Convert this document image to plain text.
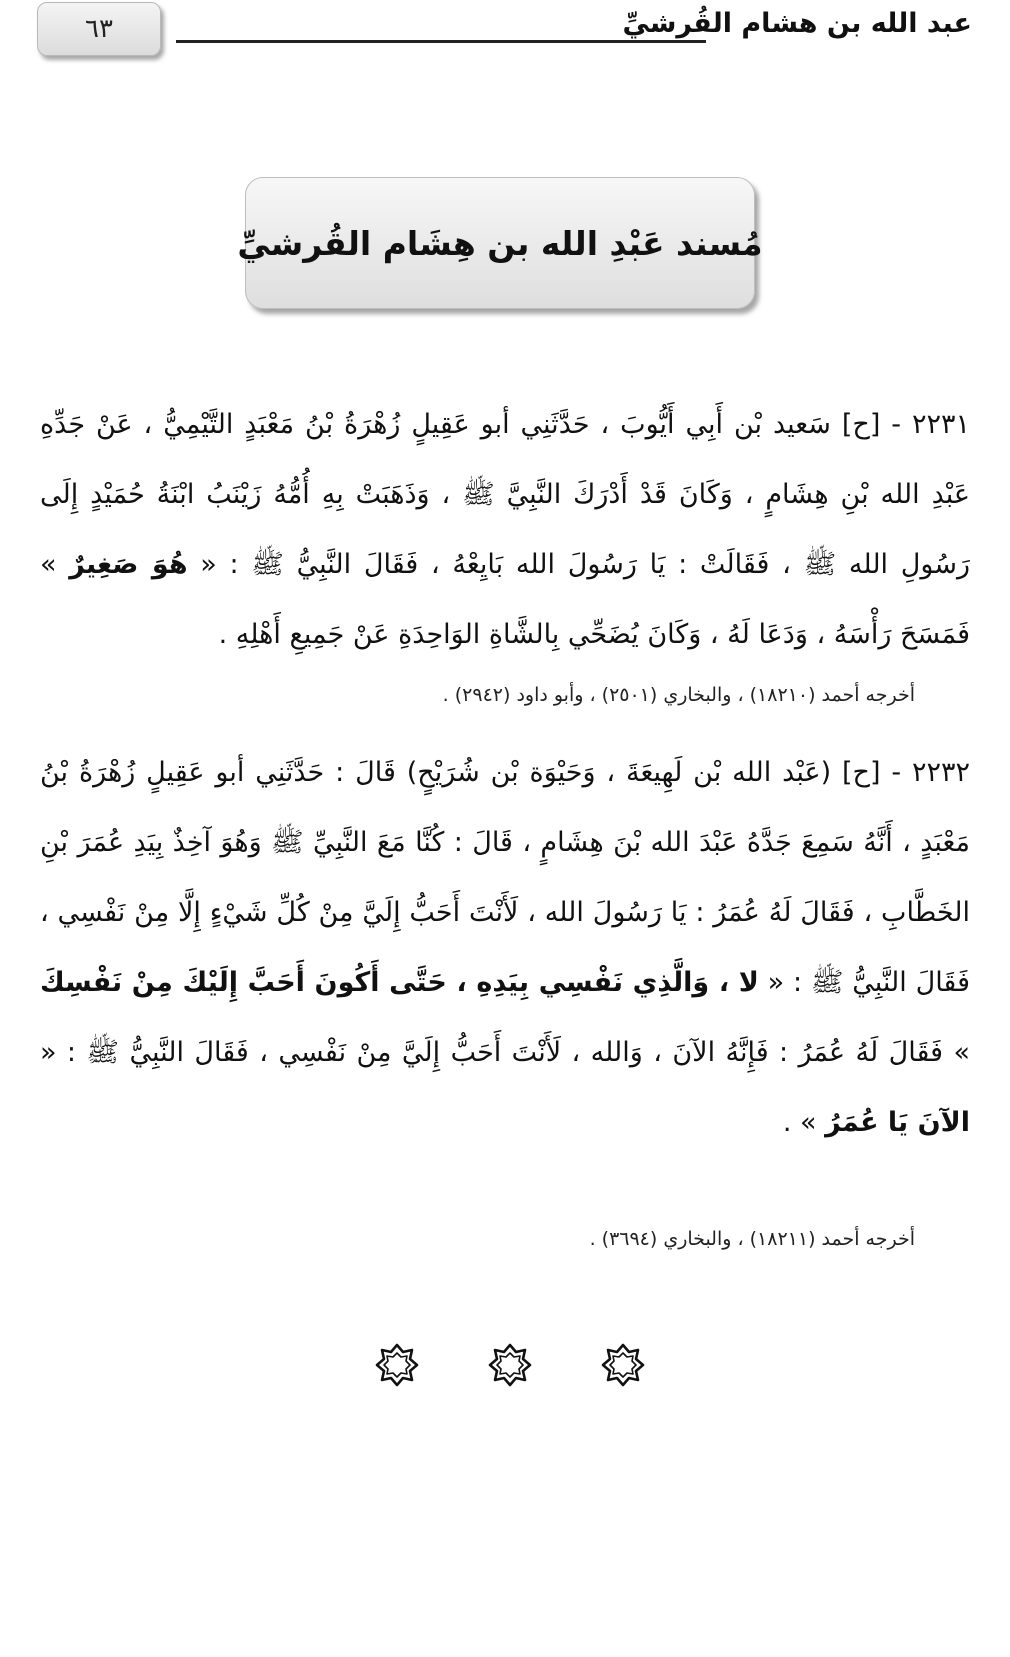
٦٣	عبد الله بن هشام القُرشيِّ
مُسند عَبْدِ الله بن هِشَام القُرشيِّ

٢٢٣١ - [ح] سَعيد بْن أَبِي أَيُّوبَ ، حَدَّثَنِي أبو عَقِيلٍ زُهْرَةُ بْنُ مَعْبَدٍ التَّيْمِيُّ ، عَنْ جَدِّهِ عَبْدِ الله بْنِ هِشَامٍ ، وَكَانَ قَدْ أَدْرَكَ النَّبِيَّ ﷺ ، وَذَهَبَتْ بِهِ أُمُّهُ زَيْنَبُ ابْنَةُ حُمَيْدٍ إِلَى رَسُولِ الله ﷺ ، فَقَالَتْ : يَا رَسُولَ الله بَايِعْهُ ، فَقَالَ النَّبِيُّ ﷺ : « هُوَ صَغِيرٌ » فَمَسَحَ رَأْسَهُ ، وَدَعَا لَهُ ، وَكَانَ يُضَحِّي بِالشَّاةِ الوَاحِدَةِ عَنْ جَمِيعِ أَهْلِهِ .

أخرجه أحمد (١٨٢١٠) ، والبخاري (٢٥٠١) ، وأبو داود (٢٩٤٢) .

٢٢٣٢ - [ح] (عَبْد الله بْن لَهِيعَةَ ، وَحَيْوَة بْن شُرَيْحٍ) قَالَ : حَدَّثَنِي أبو عَقِيلٍ زُهْرَةُ بْنُ مَعْبَدٍ ، أَنَّهُ سَمِعَ جَدَّهُ عَبْدَ الله بْنَ هِشَامٍ ، قَالَ : كُنَّا مَعَ النَّبِيِّ ﷺ وَهُوَ آخِذٌ بِيَدِ عُمَرَ بْنِ الخَطَّابِ ، فَقَالَ لَهُ عُمَرُ : يَا رَسُولَ الله ، لَأَنْتَ أَحَبُّ إِلَيَّ مِنْ كُلِّ شَيْءٍ إِلَّا مِنْ نَفْسِي ، فَقَالَ النَّبِيُّ ﷺ : « لا ، وَالَّذِي نَفْسِي بِيَدِهِ ، حَتَّى أَكُونَ أَحَبَّ إِلَيْكَ مِنْ نَفْسِكَ » فَقَالَ لَهُ عُمَرُ : فَإِنَّهُ الآنَ ، وَالله ، لَأَنْتَ أَحَبُّ إِلَيَّ مِنْ نَفْسِي ، فَقَالَ النَّبِيُّ ﷺ : « الآنَ يَا عُمَرُ » .

أخرجه أحمد (١٨٢١١) ، والبخاري (٣٦٩٤) .
